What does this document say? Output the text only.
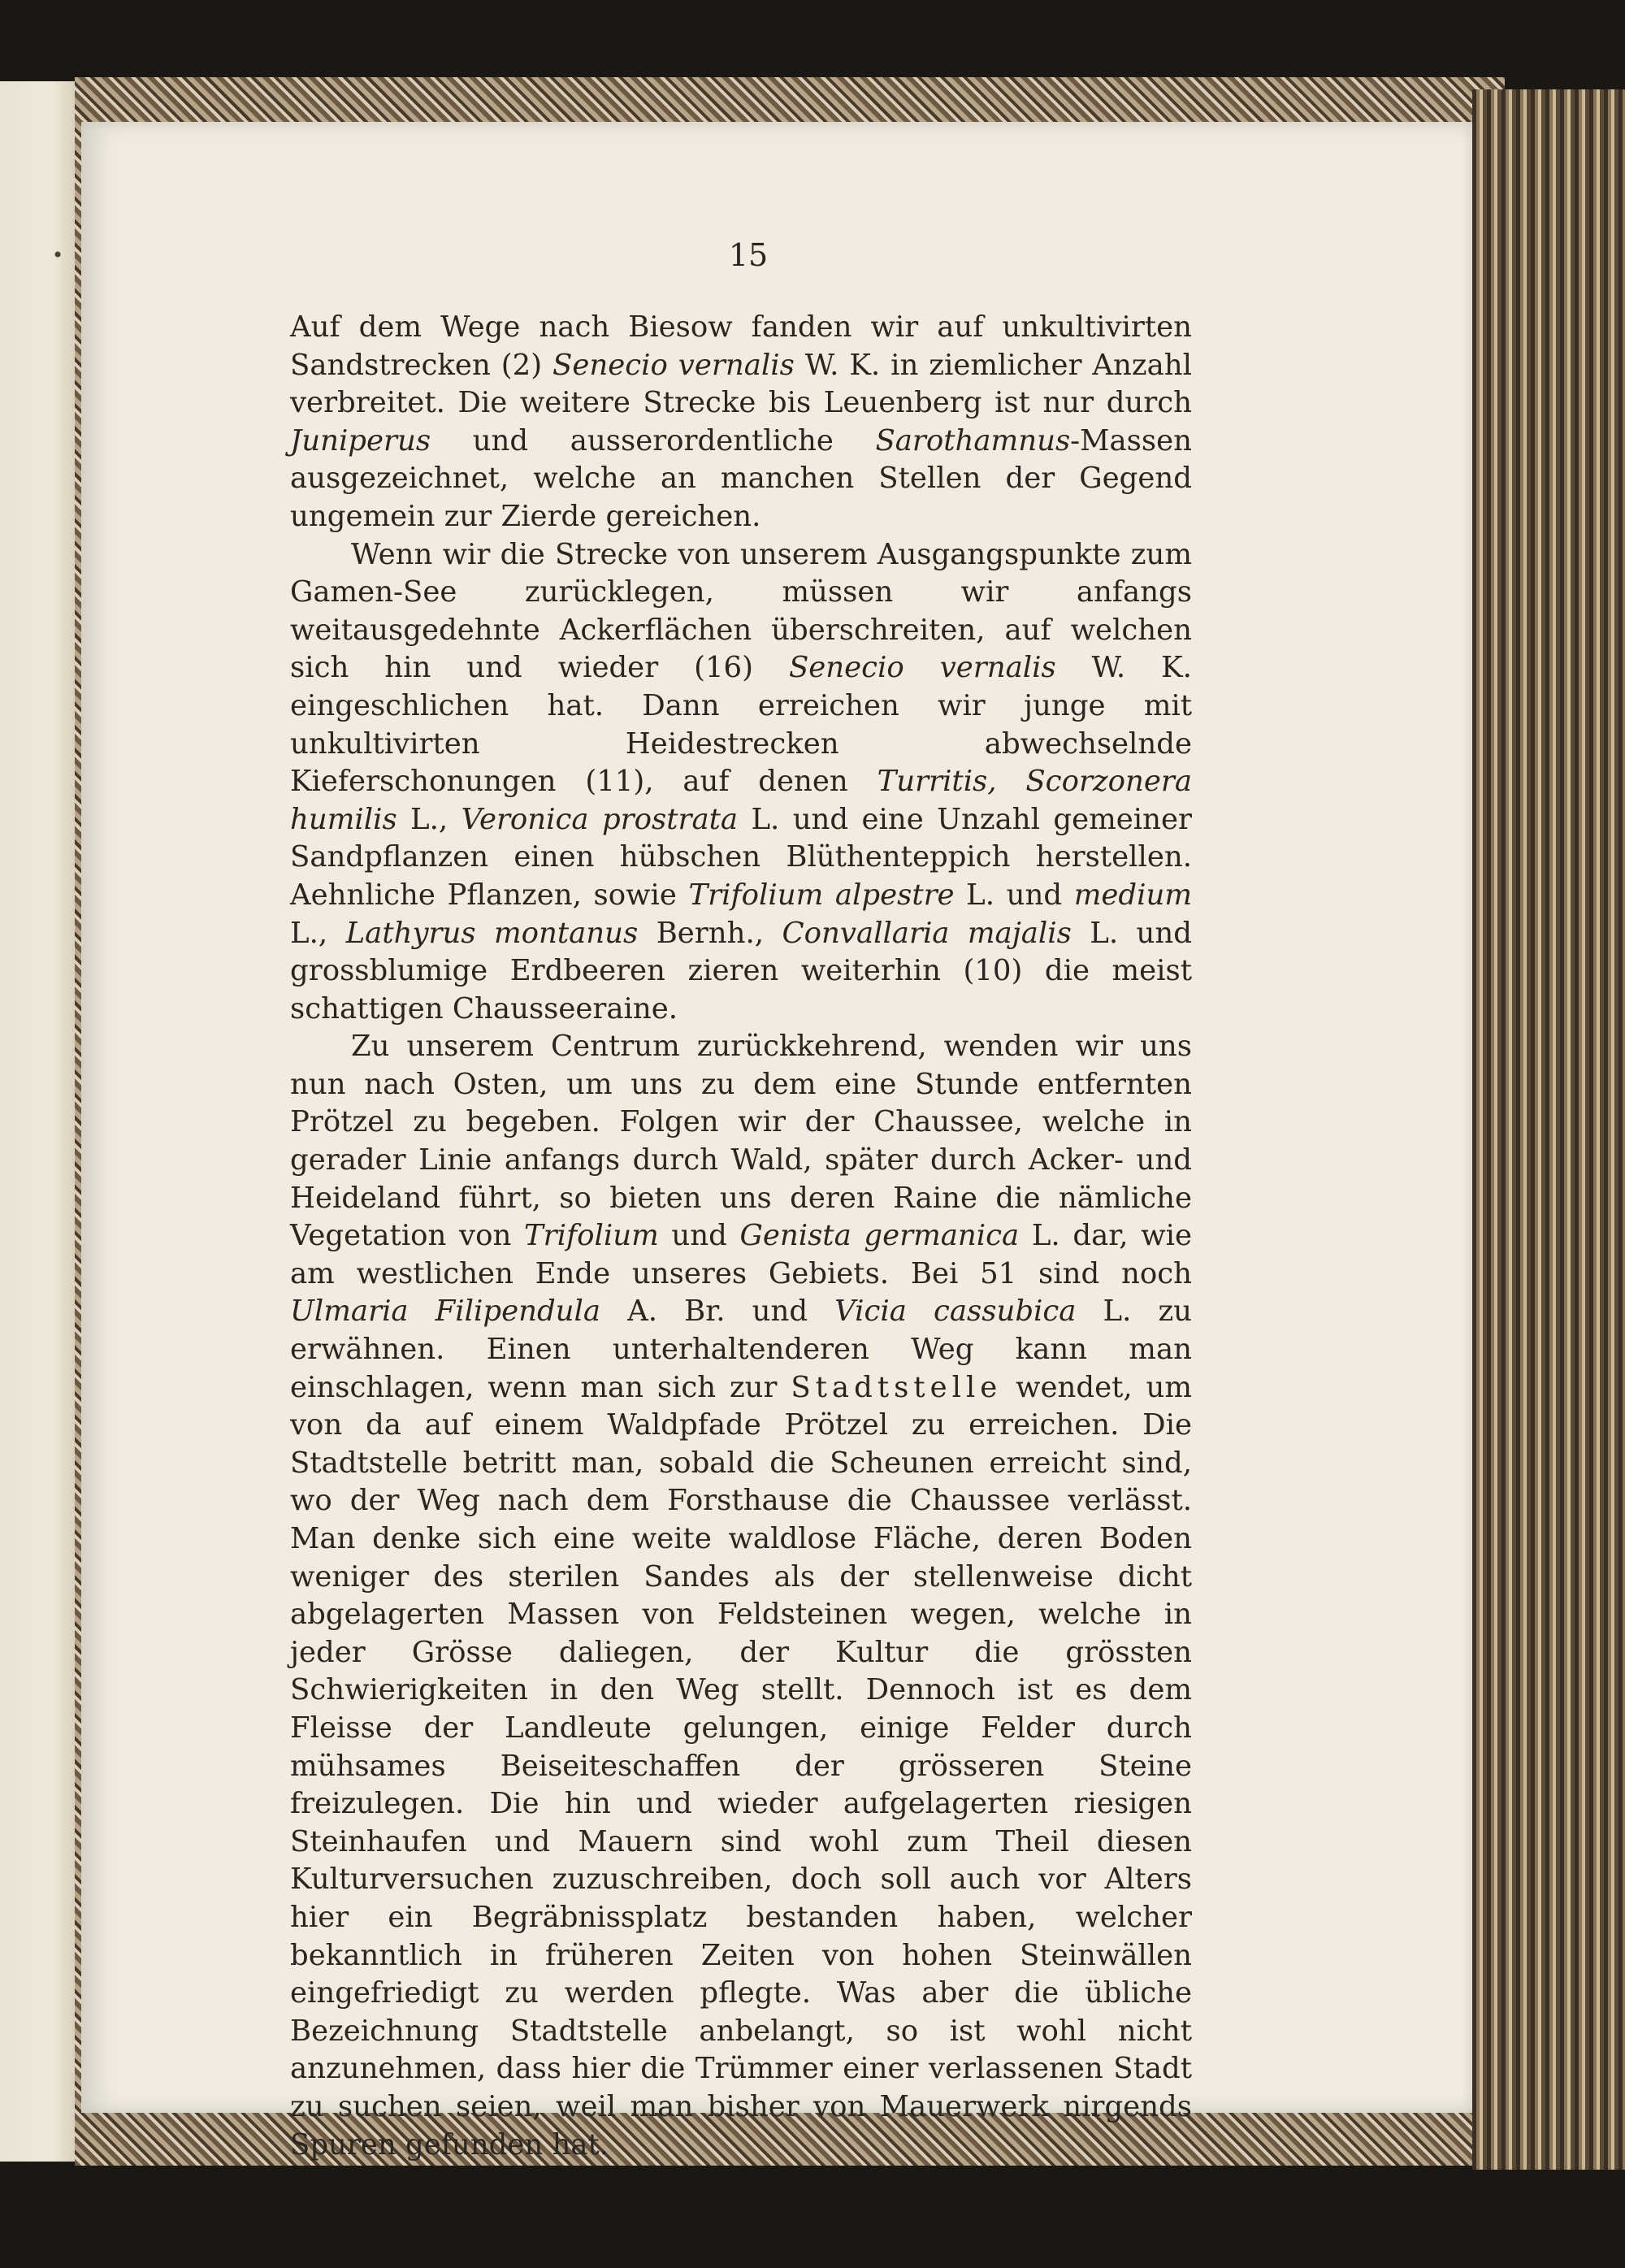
•	15

Auf dem Wege nach Biesow fanden wir auf unkultivirten Sandstrecken (2) Senecio vernalis W. K. in ziemlicher Anzahl verbreitet. Die weitere Strecke bis Leuenberg ist nur durch Juniperus und ausserordentliche Sarothamnus-Massen ausgezeichnet, welche an manchen Stellen der Gegend ungemein zur Zierde gereichen.

Wenn wir die Strecke von unserem Ausgangspunkte zum Gamen-See zurücklegen, müssen wir anfangs weitausgedehnte Ackerflächen überschreiten, auf welchen sich hin und wieder (16) Senecio vernalis W. K. eingeschlichen hat. Dann erreichen wir junge mit unkultivirten Heidestrecken abwechselnde Kieferschonungen (11), auf denen Turritis, Scorzonera humilis L., Veronica prostrata L. und eine Unzahl gemeiner Sandpflanzen einen hübschen Blüthenteppich herstellen. Aehnliche Pflanzen, sowie Trifolium alpestre L. und medium L., Lathyrus montanus Bernh., Convallaria majalis L. und grossblumige Erdbeeren zieren weiterhin (10) die meist schattigen Chausseeraine.

Zu unserem Centrum zurückkehrend, wenden wir uns nun nach Osten, um uns zu dem eine Stunde entfernten Prötzel zu begeben. Folgen wir der Chaussee, welche in gerader Linie anfangs durch Wald, später durch Acker- und Heideland führt, so bieten uns deren Raine die nämliche Vegetation von Trifolium und Genista germanica L. dar, wie am westlichen Ende unseres Gebiets. Bei 51 sind noch Ulmaria Filipendula A. Br. und Vicia cassubica L. zu erwähnen. Einen unterhaltenderen Weg kann man einschlagen, wenn man sich zur Stadtstelle wendet, um von da auf einem Waldpfade Prötzel zu erreichen. Die Stadtstelle betritt man, sobald die Scheunen erreicht sind, wo der Weg nach dem Forsthause die Chaussee verlässt. Man denke sich eine weite waldlose Fläche, deren Boden weniger des sterilen Sandes als der stellenweise dicht abgelagerten Massen von Feldsteinen wegen, welche in jeder Grösse daliegen, der Kultur die grössten Schwierigkeiten in den Weg stellt. Dennoch ist es dem Fleisse der Landleute gelungen, einige Felder durch mühsames Beiseiteschaffen der grösseren Steine freizulegen. Die hin und wieder aufgelagerten riesigen Steinhaufen und Mauern sind wohl zum Theil diesen Kulturversuchen zuzuschreiben, doch soll auch vor Alters hier ein Begräbnissplatz bestanden haben, welcher bekanntlich in früheren Zeiten von hohen Steinwällen eingefriedigt zu werden pflegte. Was aber die übliche Bezeichnung Stadtstelle anbelangt, so ist wohl nicht anzunehmen, dass hier die Trümmer einer verlassenen Stadt zu suchen seien, weil man bisher von Mauerwerk nirgends Spuren gefunden hat.
